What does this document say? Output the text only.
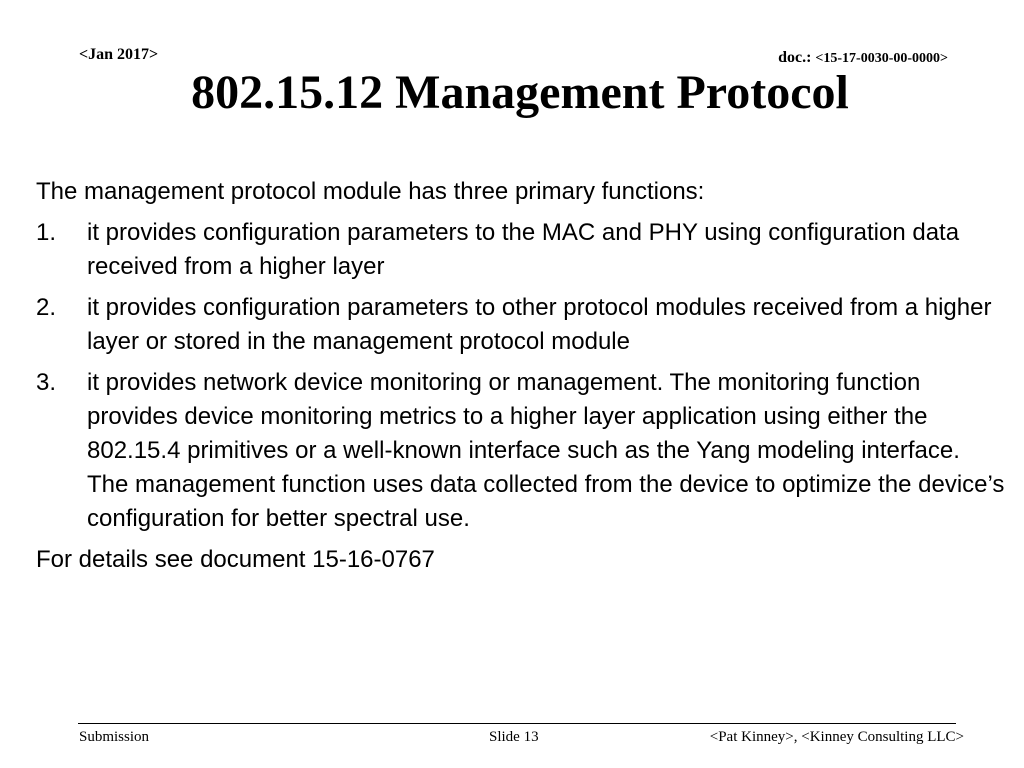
<Jan 2017>	doc.: <15-17-0030-00-0000>
802.15.12 Management Protocol

The management protocol module has three primary functions:

1.	it provides configuration parameters to the MAC and PHY using configuration data received from a higher layer
2.	it provides configuration parameters to other protocol modules received from a higher layer or stored in the management protocol module
3.	it provides network device monitoring or management. The monitoring function provides device monitoring metrics to a higher layer application using either the 802.15.4 primitives or a well-known interface such as the Yang modeling interface. The management function uses data collected from the device to optimize the device’s configuration for better spectral use.

For details see document 15-16-0767

Submission	Slide 13	<Pat Kinney>, <Kinney Consulting LLC>
